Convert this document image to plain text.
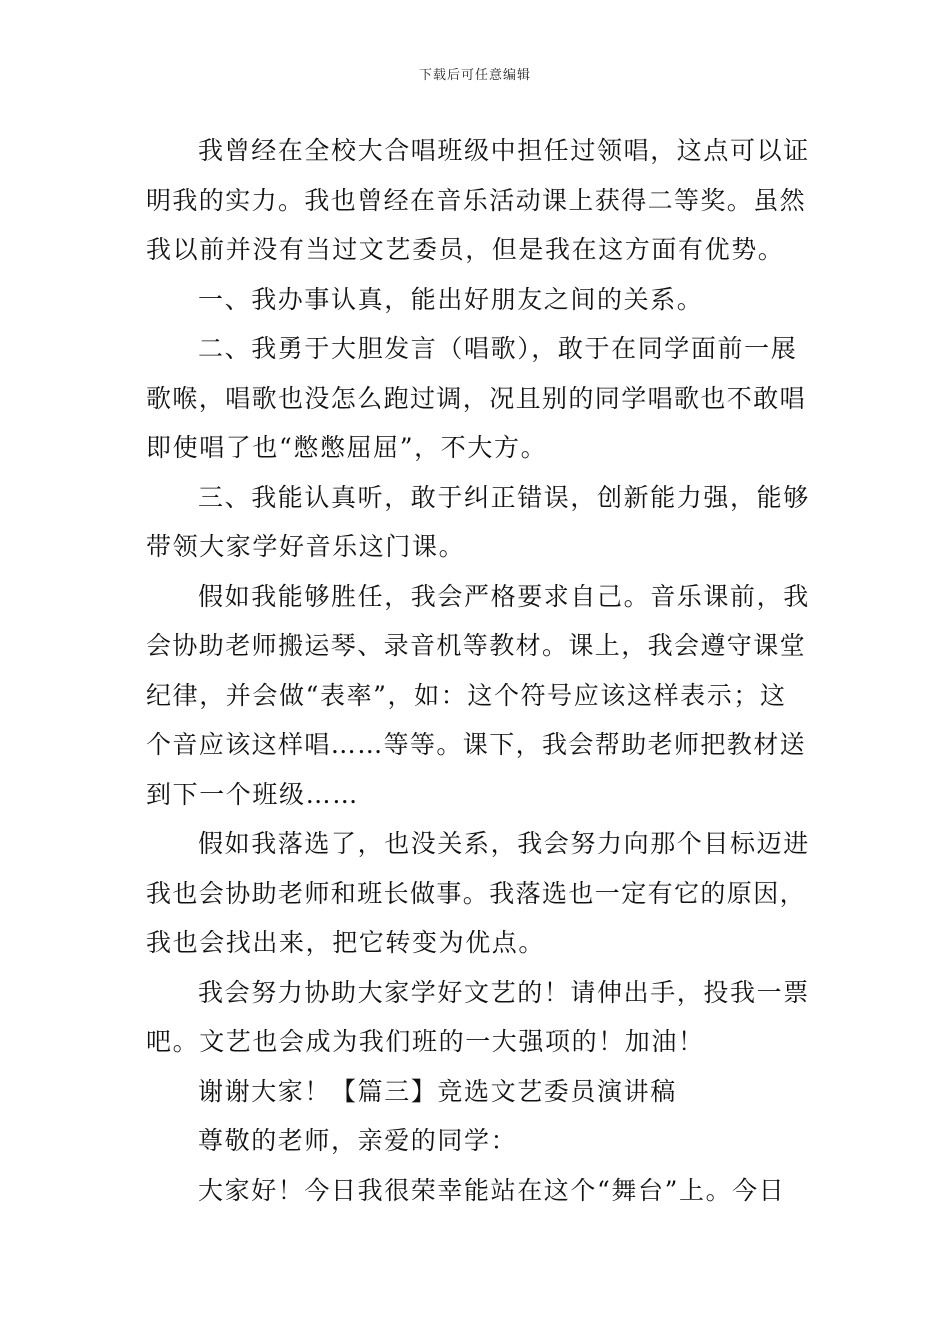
下载后可任意编辑
我曾经在全校大合唱班级中担任过领唱，这点可以证
明我的实力。我也曾经在音乐活动课上获得二等奖。虽然
我以前并没有当过文艺委员，但是我在这方面有优势。
一、我办事认真，能出好朋友之间的关系。
二、我勇于大胆发言（唱歌），敢于在同学面前一展
歌喉，唱歌也没怎么跑过调，况且别的同学唱歌也不敢唱
即使唱了也“憋憋屈屈”，不大方。
三、我能认真听，敢于纠正错误，创新能力强，能够
带领大家学好音乐这门课。
假如我能够胜任，我会严格要求自己。音乐课前，我
会协助老师搬运琴、录音机等教材。课上，我会遵守课堂
纪律，并会做“表率”，如：这个符号应该这样表示；这
个音应该这样唱……等等。课下，我会帮助老师把教材送
到下一个班级……
假如我落选了，也没关系，我会努力向那个目标迈进
我也会协助老师和班长做事。我落选也一定有它的原因，
我也会找出来，把它转变为优点。
我会努力协助大家学好文艺的！请伸出手，投我一票
吧。文艺也会成为我们班的一大强项的！加油！
谢谢大家！【篇三】竞选文艺委员演讲稿
尊敬的老师，亲爱的同学：
大家好！今日我很荣幸能站在这个“舞台”上。今日
